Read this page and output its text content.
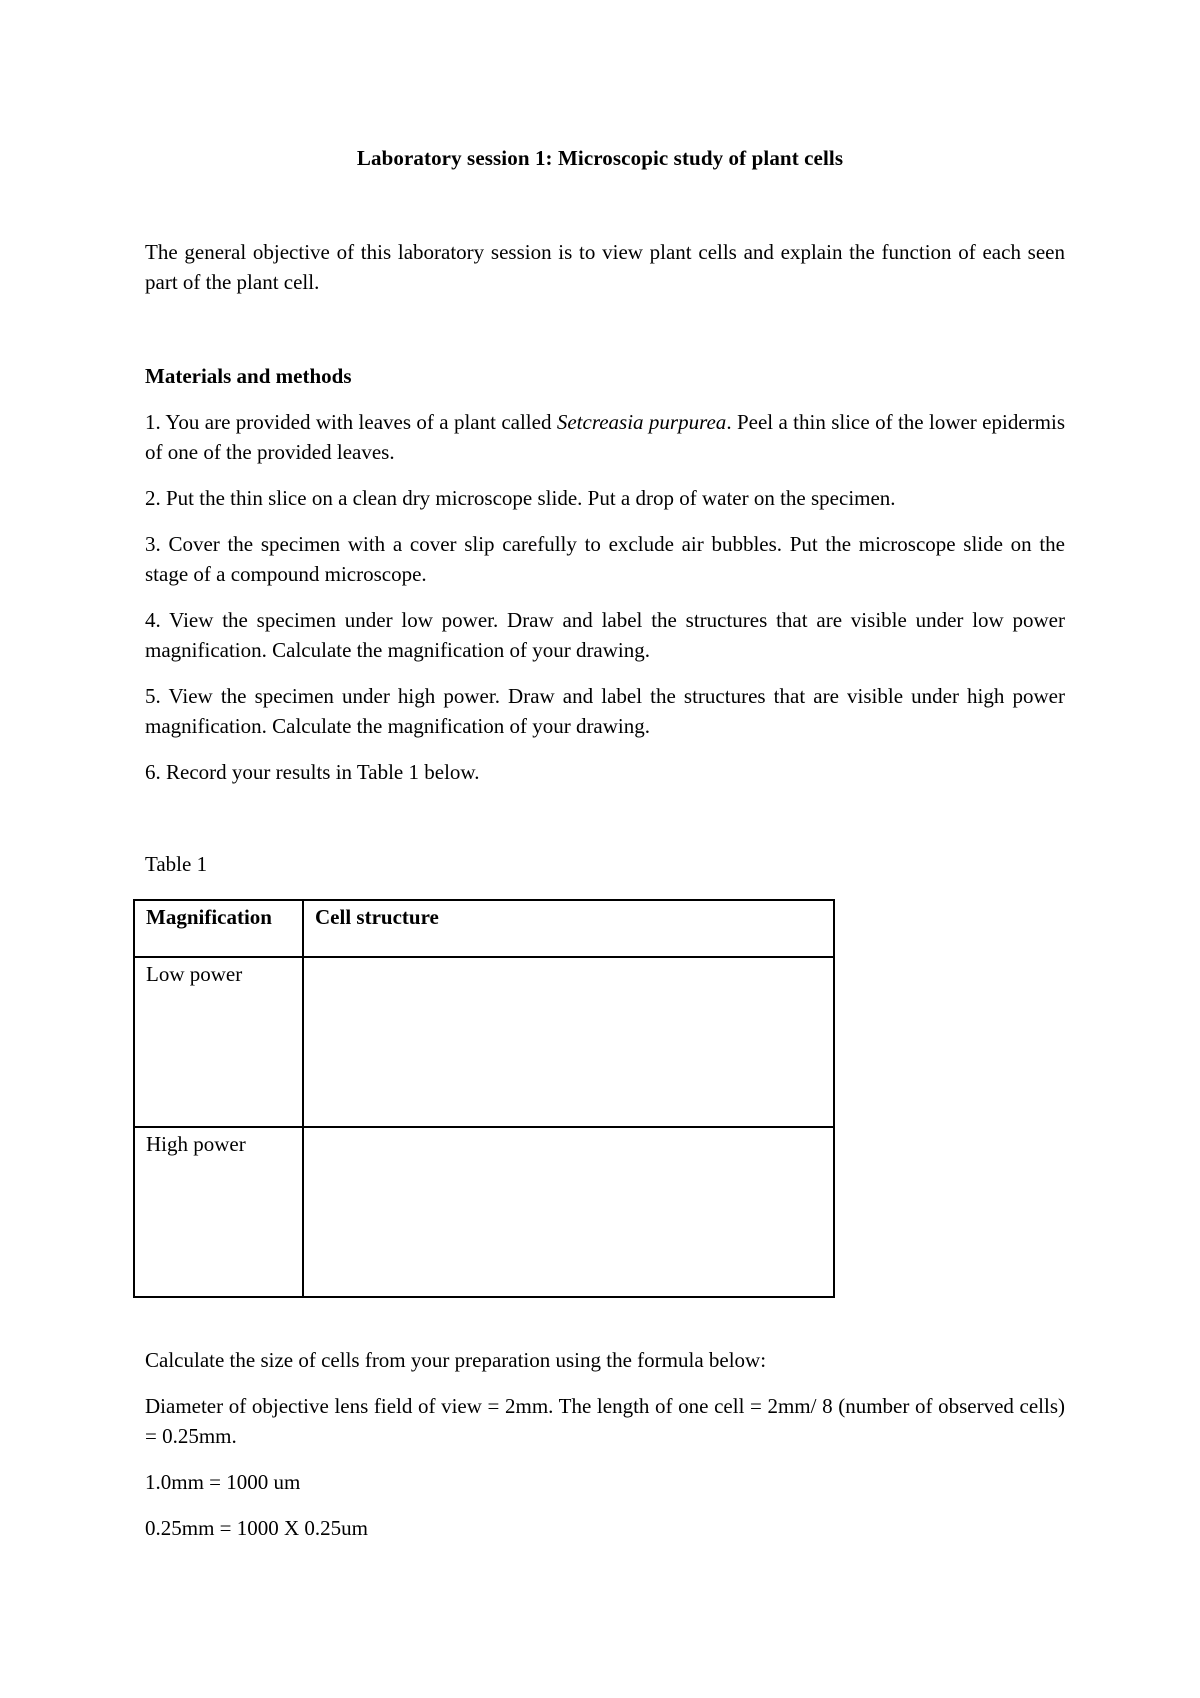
Laboratory session 1: Microscopic study of plant cells

The general objective of this laboratory session is to view plant cells and explain the function of each seen part of the plant cell.

Materials and methods

1. You are provided with leaves of a plant called Setcreasia purpurea. Peel a thin slice of the lower epidermis of one of the provided leaves.

2. Put the thin slice on a clean dry microscope slide. Put a drop of water on the specimen.

3. Cover the specimen with a cover slip carefully to exclude air bubbles. Put the microscope slide on the stage of a compound microscope.

4. View the specimen under low power. Draw and label the structures that are visible under low power magnification. Calculate the magnification of your drawing.

5. View the specimen under high power. Draw and label the structures that are visible under high power magnification. Calculate the magnification of your drawing.

6. Record your results in Table 1 below.
Table 1
Magnification	Cell structure
Low power	
High power	
Calculate the size of cells from your preparation using the formula below:

Diameter of objective lens field of view = 2mm. The length of one cell = 2mm/ 8 (number of observed cells) = 0.25mm.

1.0mm = 1000 um
0.25mm = 1000 X 0.25um
